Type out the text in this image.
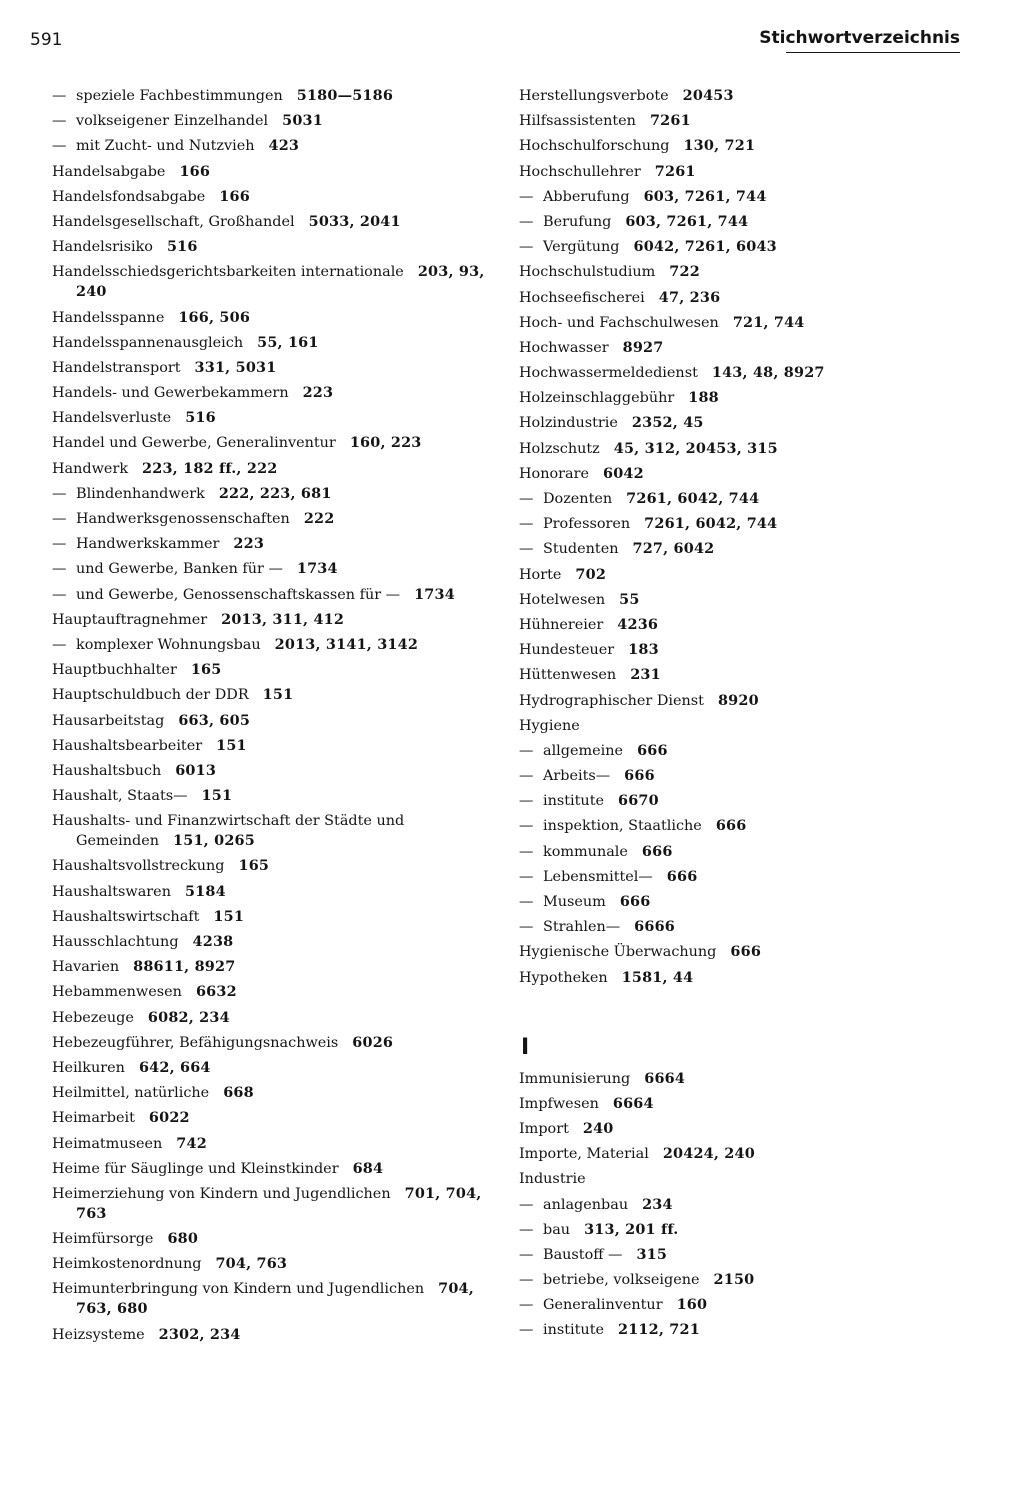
591	Stichwortverzeichnis
— speziele Fachbestimmungen 5180—5186
— volkseigener Einzelhandel 5031
— mit Zucht- und Nutzvieh 423
Handelsabgabe 166
Handelsfondsabgabe 166
Handelsgesellschaft, Großhandel 5033, 2041
Handelsrisiko 516
Handelsschiedsgerichtsbarkeiten internationale 203, 93, 240
Handelsspanne 166, 506
Handelsspannenausgleich 55, 161
Handelstransport 331, 5031
Handels- und Gewerbekammern 223
Handelsverluste 516
Handel und Gewerbe, Generalinventur 160, 223
Handwerk 223, 182 ff., 222
— Blindenhandwerk 222, 223, 681
— Handwerksgenossenschaften 222
— Handwerkskammer 223
— und Gewerbe, Banken für — 1734
— und Gewerbe, Genossenschaftskassen für — 1734
Hauptauftragnehmer 2013, 311, 412
— komplexer Wohnungsbau 2013, 3141, 3142
Hauptbuchhalter 165
Hauptschuldbuch der DDR 151
Hausarbeitstag 663, 605
Haushaltsbearbeiter 151
Haushaltsbuch 6013
Haushalt, Staats— 151
Haushalts- und Finanzwirtschaft der Städte und Gemeinden 151, 0265
Haushaltsvollstreckung 165
Haushaltswaren 5184
Haushaltswirtschaft 151
Hausschlachtung 4238
Havarien 88611, 8927
Hebammenwesen 6632
Hebezeuge 6082, 234
Hebezeugführer, Befähigungsnachweis 6026
Heilkuren 642, 664
Heilmittel, natürliche 668
Heimarbeit 6022
Heimatmuseen 742
Heime für Säuglinge und Kleinstkinder 684
Heimerziehung von Kindern und Jugendlichen 701, 704, 763
Heimfürsorge 680
Heimkostenordnung 704, 763
Heimunterbringung von Kindern und Jugendlichen 704, 763, 680
Heizsysteme 2302, 234
Herstellungsverbote 20453
Hilfsassistenten 7261
Hochschulforschung 130, 721
Hochschullehrer 7261
— Abberufung 603, 7261, 744
— Berufung 603, 7261, 744
— Vergütung 6042, 7261, 6043
Hochschulstudium 722
Hochseefischerei 47, 236
Hoch- und Fachschulwesen 721, 744
Hochwasser 8927
Hochwassermeldedienst 143, 48, 8927
Holzeinschlaggebühr 188
Holzindustrie 2352, 45
Holzschutz 45, 312, 20453, 315
Honorare 6042
— Dozenten 7261, 6042, 744
— Professoren 7261, 6042, 744
— Studenten 727, 6042
Horte 702
Hotelwesen 55
Hühnereier 4236
Hundesteuer 183
Hüttenwesen 231
Hydrographischer Dienst 8920
Hygiene
— allgemeine 666
— Arbeits— 666
— institute 6670
— inspektion, Staatliche 666
— kommunale 666
— Lebensmittel— 666
— Museum 666
— Strahlen— 6666
Hygienische Überwachung 666
Hypotheken 1581, 44
I
Immunisierung 6664
Impfwesen 6664
Import 240
Importe, Material 20424, 240
Industrie
— anlagenbau 234
— bau 313, 201 ff.
— Baustoff — 315
— betriebe, volkseigene 2150
— Generalinventur 160
— institute 2112, 721
